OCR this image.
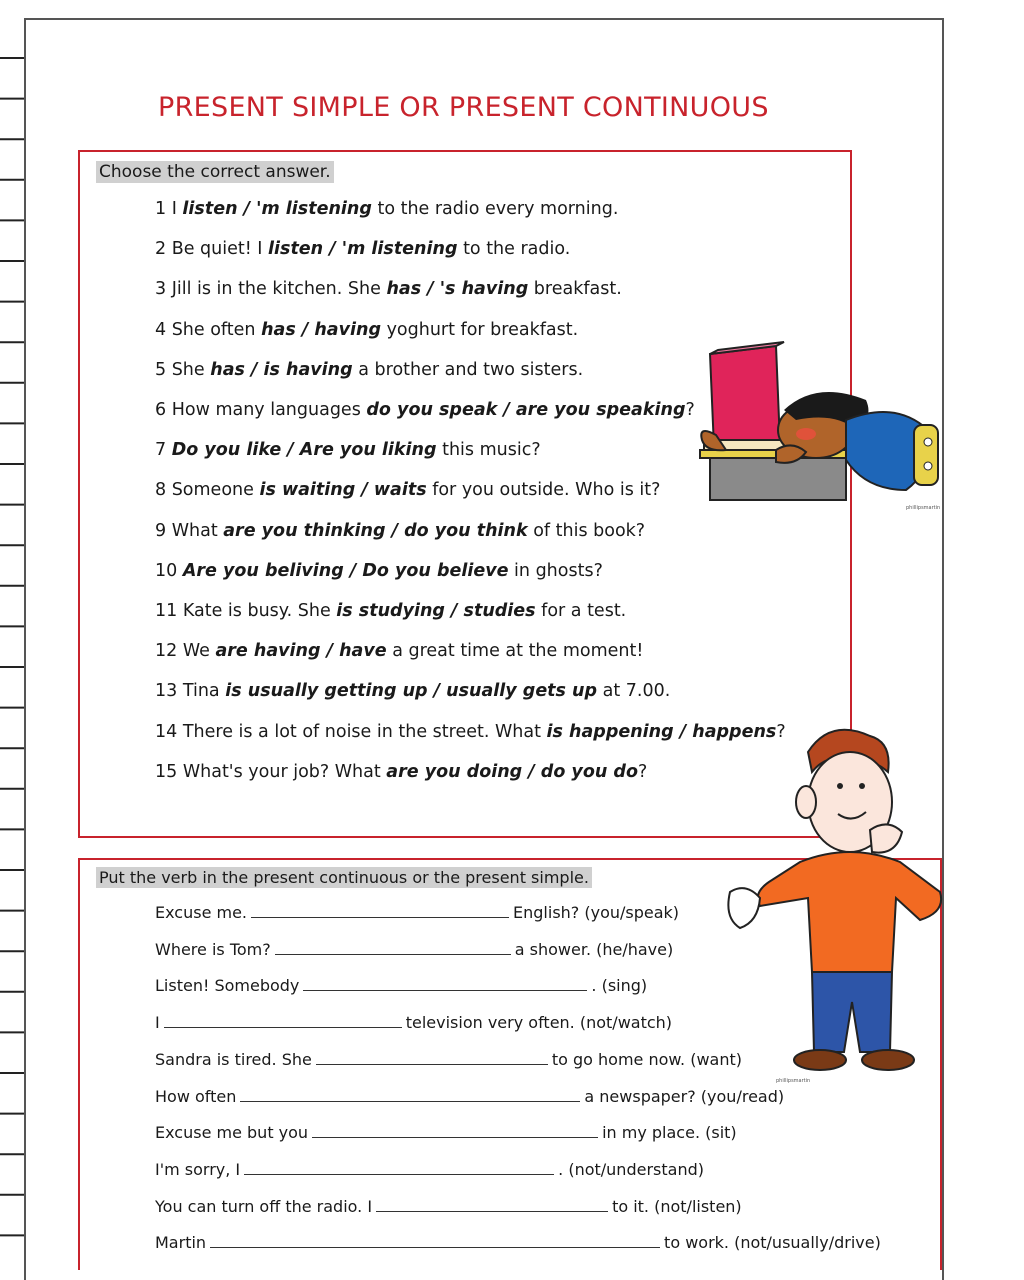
PRESENT SIMPLE OR PRESENT CONTINUOUS
Choose the correct answer.
1 I listen / 'm listening to the radio every morning.
2 Be quiet! I listen / 'm listening to the radio.
3 Jill is in the kitchen. She has / 's having breakfast.
4 She often has / having yoghurt for breakfast.
5 She has / is having a brother and two sisters.
6 How many languages do you speak / are you speaking?
7 Do you like / Are you liking this music?
8 Someone is waiting / waits for you outside. Who is it?
9 What are you thinking / do you think of this book?
10 Are you beliving / Do you believe in ghosts?
11 Kate is busy. She is studying / studies for a test.
12 We are having / have a great time at the moment!
13 Tina is usually getting up / usually gets up at 7.00.
14 There is a lot of noise in the street. What is happening / happens?
15 What's your job? What are you doing / do you do?
Put the verb in the present continuous or the present simple.
Excuse me.	English? (you/speak)
Where is Tom?	a shower. (he/have)
Listen! Somebody	. (sing)
I	television very often. (not/watch)
Sandra is tired. She	to go home now. (want)
How often	a newspaper? (you/read)
Excuse me but you	in my place. (sit)
I'm sorry, I	. (not/understand)
You can turn off the radio. I	to it. (not/listen)
Martin	to work. (not/usually/drive)
phillipsmartin
phillipsmartin
